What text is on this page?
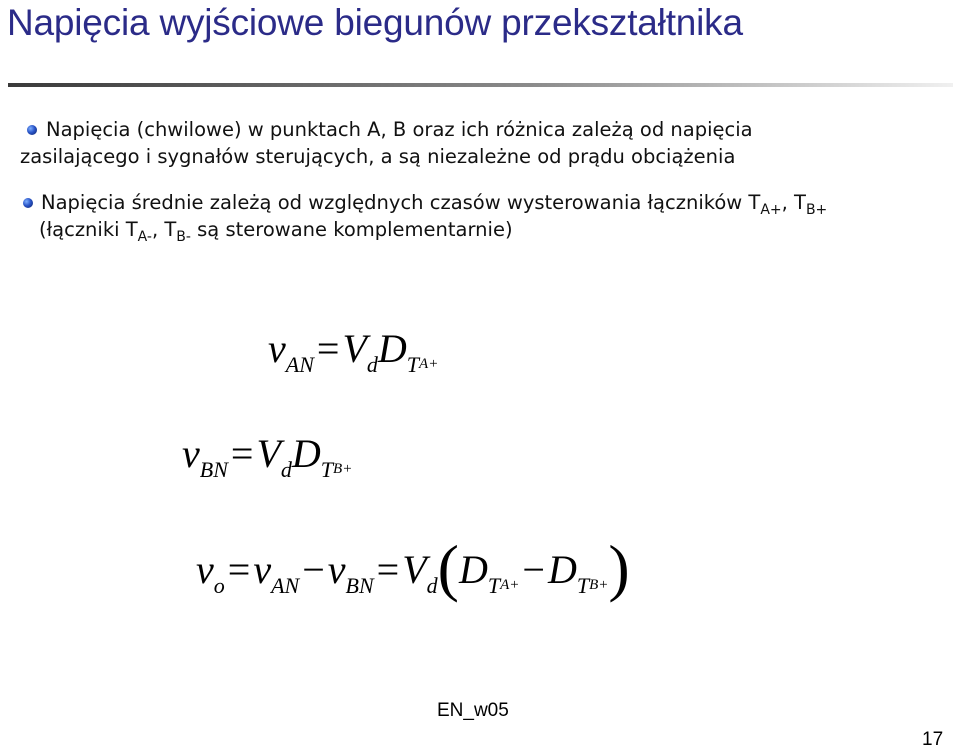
Napięcia wyjściowe biegunów przekształtnika
Napięcia (chwilowe) w punktach A, B oraz ich różnica zależą od napięcia
zasilającego i sygnałów sterujących, a są niezależne od prądu obciążenia
Napięcia średnie zależą od względnych czasów wysterowania łączników $T_{A+}$, $T_{B+}$
(łączniki $T_{A-}$, $T_{B-}$ są sterowane komplementarnie)
vAN=VdDTA+
vBN=VdDTB+
vo=vAN−vBN=Vd(DTA+−DTB+)
EN_w05
17
